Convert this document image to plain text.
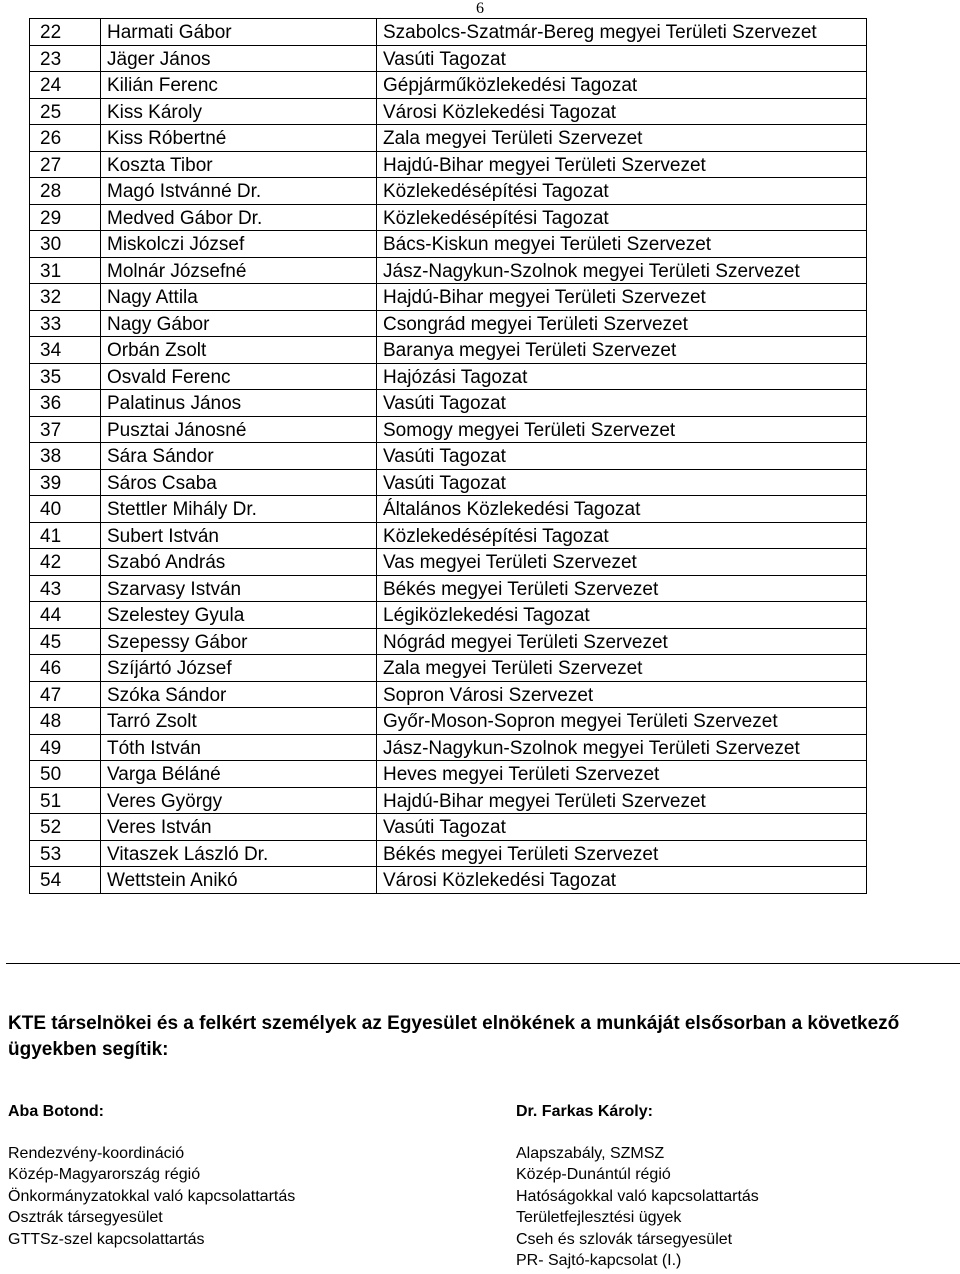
6
22	Harmati Gábor	Szabolcs-Szatmár-Bereg megyei Területi Szervezet
23	Jäger János	Vasúti Tagozat
24	Kilián Ferenc	Gépjárműközlekedési Tagozat
25	Kiss Károly	Városi Közlekedési Tagozat
26	Kiss Róbertné	Zala megyei Területi Szervezet
27	Koszta Tibor	Hajdú-Bihar megyei Területi Szervezet
28	Magó Istvánné Dr.	Közlekedésépítési Tagozat
29	Medved Gábor Dr.	Közlekedésépítési Tagozat
30	Miskolczi József	Bács-Kiskun megyei Területi Szervezet
31	Molnár Józsefné	Jász-Nagykun-Szolnok megyei Területi Szervezet
32	Nagy Attila	Hajdú-Bihar megyei Területi Szervezet
33	Nagy Gábor	Csongrád megyei Területi Szervezet
34	Orbán Zsolt	Baranya megyei Területi Szervezet
35	Osvald Ferenc	Hajózási Tagozat
36	Palatinus János	Vasúti Tagozat
37	Pusztai Jánosné	Somogy megyei Területi Szervezet
38	Sára Sándor	Vasúti Tagozat
39	Sáros Csaba	Vasúti Tagozat
40	Stettler Mihály Dr.	Általános Közlekedési Tagozat
41	Subert István	Közlekedésépítési Tagozat
42	Szabó András	Vas megyei Területi Szervezet
43	Szarvasy István	Békés megyei Területi Szervezet
44	Szelestey Gyula	Légiközlekedési Tagozat
45	Szepessy Gábor	Nógrád megyei Területi Szervezet
46	Szíjártó József	Zala megyei Területi Szervezet
47	Szóka Sándor	Sopron Városi Szervezet
48	Tarró Zsolt	Győr-Moson-Sopron megyei Területi Szervezet
49	Tóth István	Jász-Nagykun-Szolnok megyei Területi Szervezet
50	Varga Béláné	Heves megyei Területi Szervezet
51	Veres György	Hajdú-Bihar megyei Területi Szervezet
52	Veres István	Vasúti Tagozat
53	Vitaszek László Dr.	Békés megyei Területi Szervezet
54	Wettstein Anikó	Városi Közlekedési Tagozat

KTE társelnökei és a felkért személyek az Egyesület elnökének a munkáját elsősorban a következő ügyekben segítik:

Aba Botond:

Rendezvény-koordináció

Közép-Magyarország régió

Önkormányzatokkal való kapcsolattartás

Osztrák társegyesület

GTTSz-szel kapcsolattartás

Dr. Farkas Károly:

Alapszabály, SZMSZ

Közép-Dunántúl régió

Hatóságokkal való kapcsolattartás

Területfejlesztési ügyek

Cseh és szlovák társegyesület

PR- Sajtó-kapcsolat (I.)
